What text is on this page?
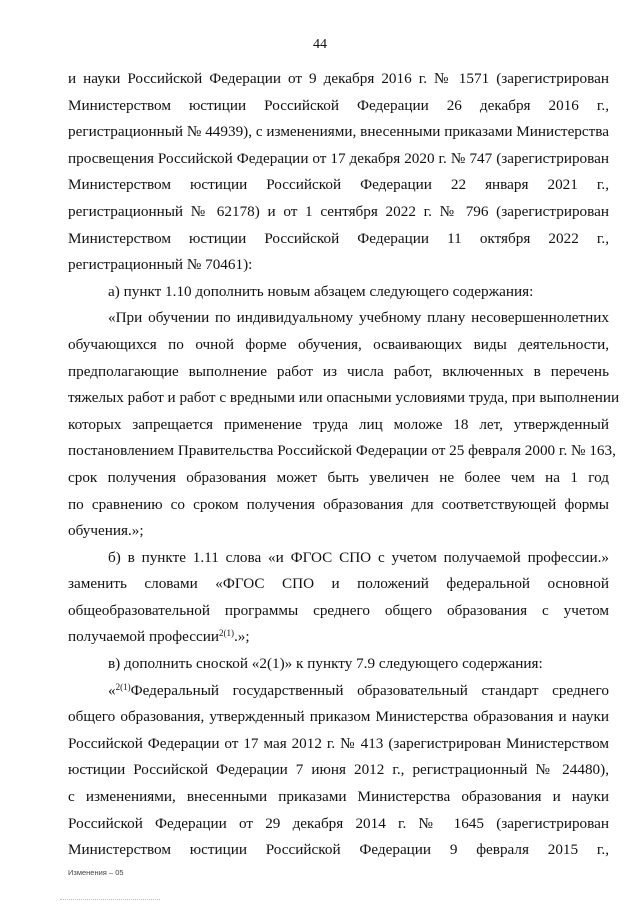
44
и науки Российской Федерации от 9 декабря 2016 г. № 1571 (зарегистрирован
Министерством юстиции Российской Федерации 26 декабря 2016 г.,
регистрационный № 44939), с изменениями, внесенными приказами Министерства
просвещения Российской Федерации от 17 декабря 2020 г. № 747 (зарегистрирован
Министерством юстиции Российской Федерации 22 января 2021 г.,
регистрационный № 62178) и от 1 сентября 2022 г. № 796 (зарегистрирован
Министерством юстиции Российской Федерации 11 октября 2022 г.,
регистрационный № 70461):
а) пункт 1.10 дополнить новым абзацем следующего содержания:
«При обучении по индивидуальному учебному плану несовершеннолетних
обучающихся по очной форме обучения, осваивающих виды деятельности,
предполагающие выполнение работ из числа работ, включенных в перечень
тяжелых работ и работ с вредными или опасными условиями труда, при выполнении
которых запрещается применение труда лиц моложе 18 лет, утвержденный
постановлением Правительства Российской Федерации от 25 февраля 2000 г. № 163,
срок получения образования может быть увеличен не более чем на 1 год
по сравнению со сроком получения образования для соответствующей формы
обучения.»;
б) в пункте 1.11 слова «и ФГОС СПО с учетом получаемой профессии.»
заменить словами «ФГОС СПО и положений федеральной основной
общеобразовательной программы среднего общего образования с учетом
получаемой профессии$^{2(1)}$.»;
в) дополнить сноской «2(1)» к пункту 7.9 следующего содержания:
«$^{2(1)}$Федеральный государственный образовательный стандарт среднего
общего образования, утвержденный приказом Министерства образования и науки
Российской Федерации от 17 мая 2012 г. № 413 (зарегистрирован Министерством
юстиции Российской Федерации 7 июня 2012 г., регистрационный № 24480),
с изменениями, внесенными приказами Министерства образования и науки
Российской Федерации от 29 декабря 2014 г. № 1645 (зарегистрирован
Министерством юстиции Российской Федерации 9 февраля 2015 г.,
Изменения – 05
